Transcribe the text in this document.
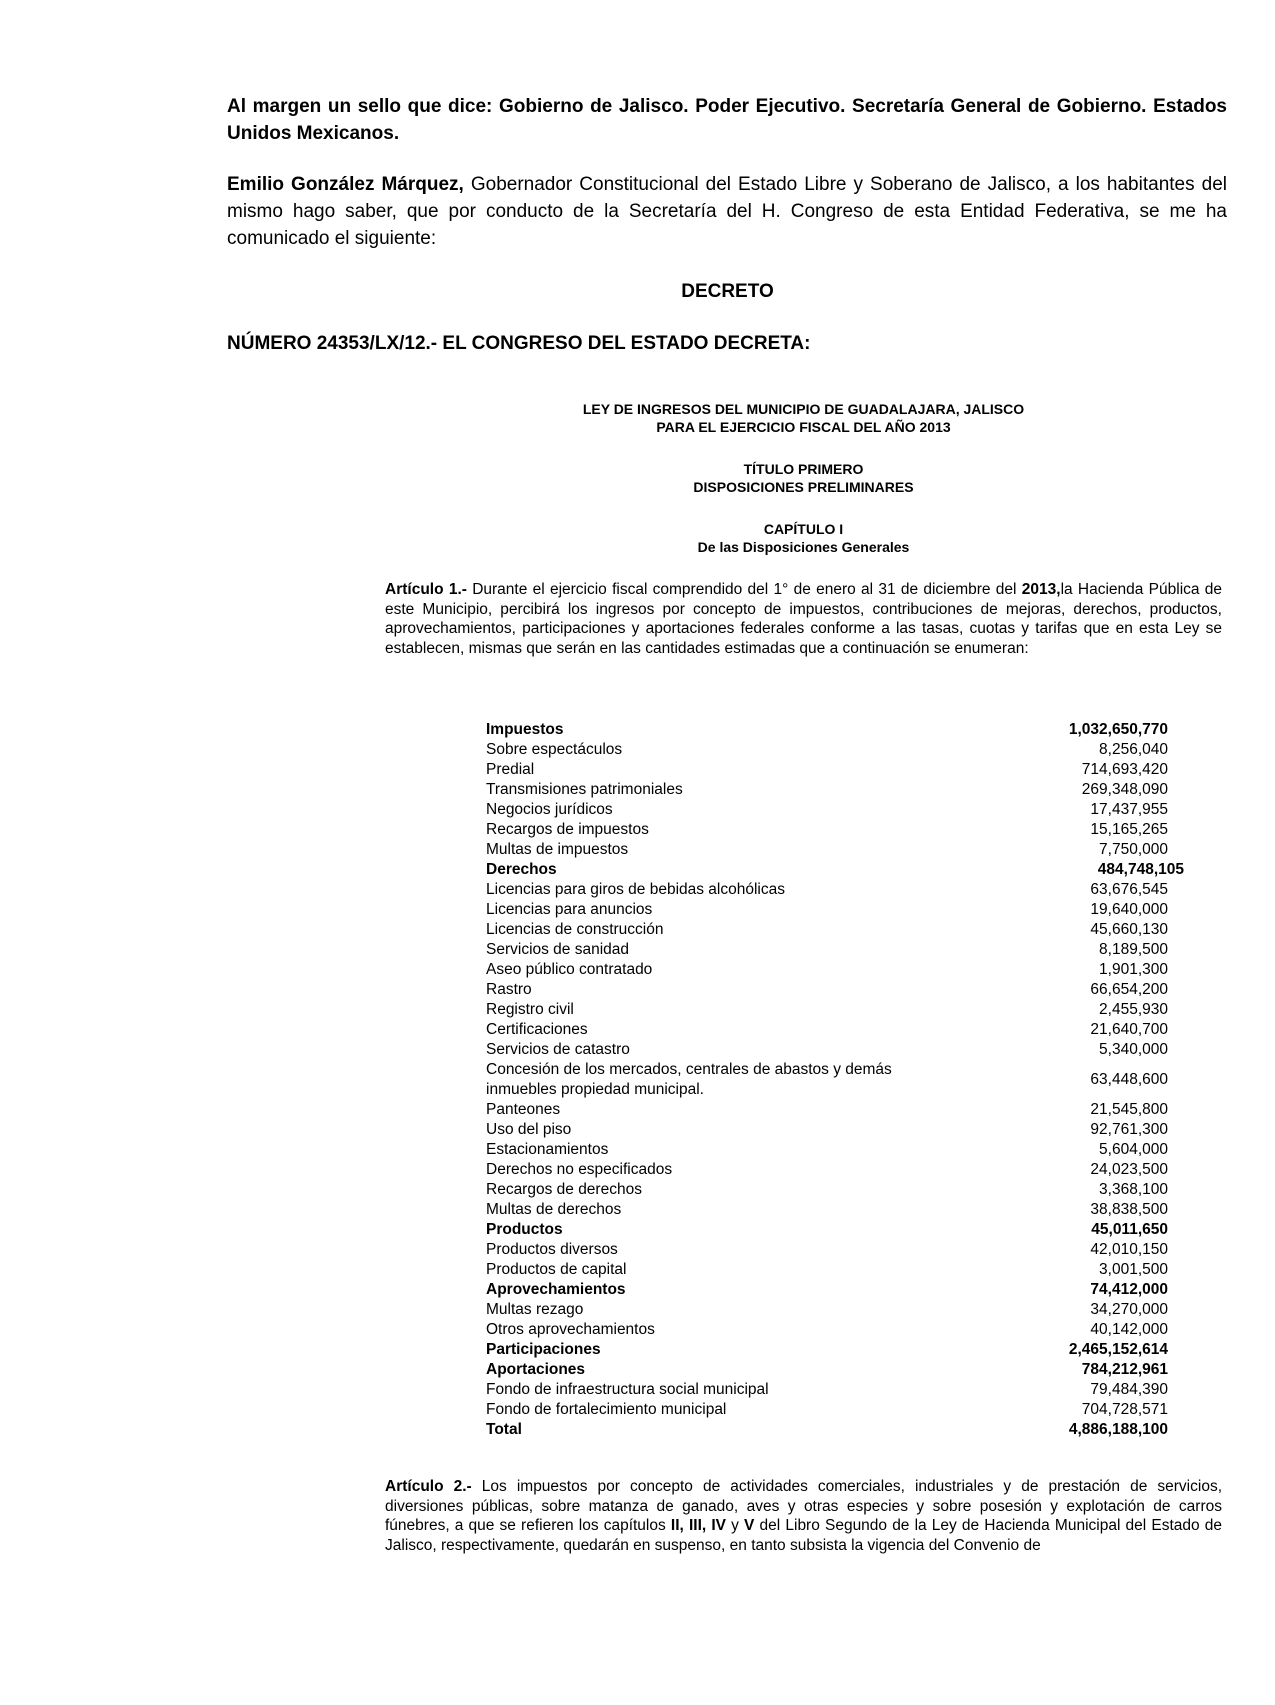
Al margen un sello que dice: Gobierno de Jalisco. Poder Ejecutivo. Secretaría General de Gobierno. Estados Unidos Mexicanos.
Emilio González Márquez, Gobernador Constitucional del Estado Libre y Soberano de Jalisco, a los habitantes del mismo hago saber, que por conducto de la Secretaría del H. Congreso de esta Entidad Federativa, se me ha comunicado el siguiente:
DECRETO
NÚMERO 24353/LX/12.- EL CONGRESO DEL ESTADO DECRETA:
LEY DE INGRESOS DEL MUNICIPIO DE GUADALAJARA, JALISCO
PARA EL EJERCICIO FISCAL DEL AÑO 2013
TÍTULO PRIMERO
DISPOSICIONES PRELIMINARES
CAPÍTULO I
De las Disposiciones Generales
Artículo 1.- Durante el ejercicio fiscal comprendido del 1° de enero al 31 de diciembre del 2013,la Hacienda Pública de este Municipio, percibirá los ingresos por concepto de impuestos, contribuciones de mejoras, derechos, productos, aprovechamientos, participaciones y aportaciones federales conforme a las tasas, cuotas y tarifas que en esta Ley se establecen, mismas que serán en las cantidades estimadas que a continuación se enumeran:
Impuestos	1,032,650,770
Sobre espectáculos	8,256,040
Predial	714,693,420
Transmisiones patrimoniales	269,348,090
Negocios jurídicos	17,437,955
Recargos de impuestos	15,165,265
Multas de impuestos	7,750,000
Derechos	484,748,105
Licencias para giros de bebidas alcohólicas	63,676,545
Licencias para anuncios	19,640,000
Licencias de construcción	45,660,130
Servicios de sanidad	8,189,500
Aseo público contratado	1,901,300
Rastro	66,654,200
Registro civil	2,455,930
Certificaciones	21,640,700
Servicios de catastro	5,340,000
Concesión de los mercados, centrales de abastos y demás inmuebles propiedad municipal.	63,448,600
Panteones	21,545,800
Uso del piso	92,761,300
Estacionamientos	5,604,000
Derechos no especificados	24,023,500
Recargos de derechos	3,368,100
Multas de derechos	38,838,500
Productos	45,011,650
Productos diversos	42,010,150
Productos de capital	3,001,500
Aprovechamientos	74,412,000
Multas rezago	34,270,000
Otros aprovechamientos	40,142,000
Participaciones	2,465,152,614
Aportaciones	784,212,961
Fondo de infraestructura social municipal	79,484,390
Fondo de fortalecimiento municipal	704,728,571
Total	4,886,188,100
Artículo 2.- Los impuestos por concepto de actividades comerciales, industriales y de prestación de servicios, diversiones públicas, sobre matanza de ganado, aves y otras especies y sobre posesión y explotación de carros fúnebres, a que se refieren los capítulos II, III, IV y V del Libro Segundo de la Ley de Hacienda Municipal del Estado de Jalisco, respectivamente, quedarán en suspenso, en tanto subsista la vigencia del Convenio de
